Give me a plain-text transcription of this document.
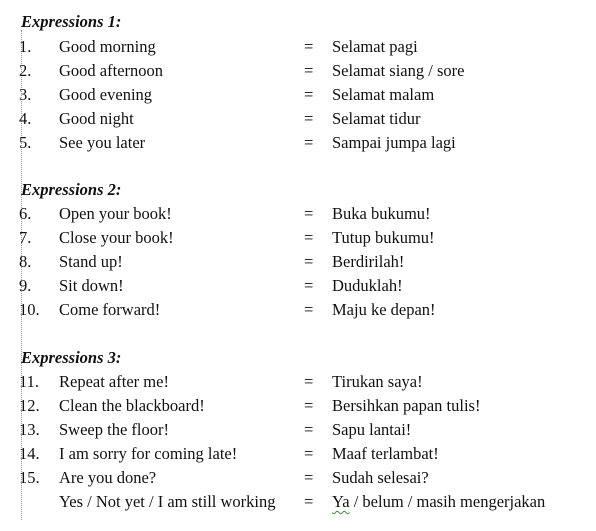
Expressions 1:
1. Good morning	= Selamat pagi
2. Good afternoon	= Selamat siang / sore
3. Good evening	= Selamat malam
4. Good night	= Selamat tidur
5. See you later	= Sampai jumpa lagi
Expressions 2:
6. Open your book!	= Buka bukumu!
7. Close your book!	= Tutup bukumu!
8. Stand up!	= Berdirilah!
9. Sit down!	= Duduklah!
10. Come forward!	= Maju ke depan!
Expressions 3:
11. Repeat after me!	= Tirukan saya!
12. Clean the blackboard!	= Bersihkan papan tulis!
13. Sweep the floor!	= Sapu lantai!
14. I am sorry for coming late!	= Maaf terlambat!
15. Are you done?	= Sudah selesai?
Yes / Not yet / I am still working = Ya / belum / masih mengerjakan
